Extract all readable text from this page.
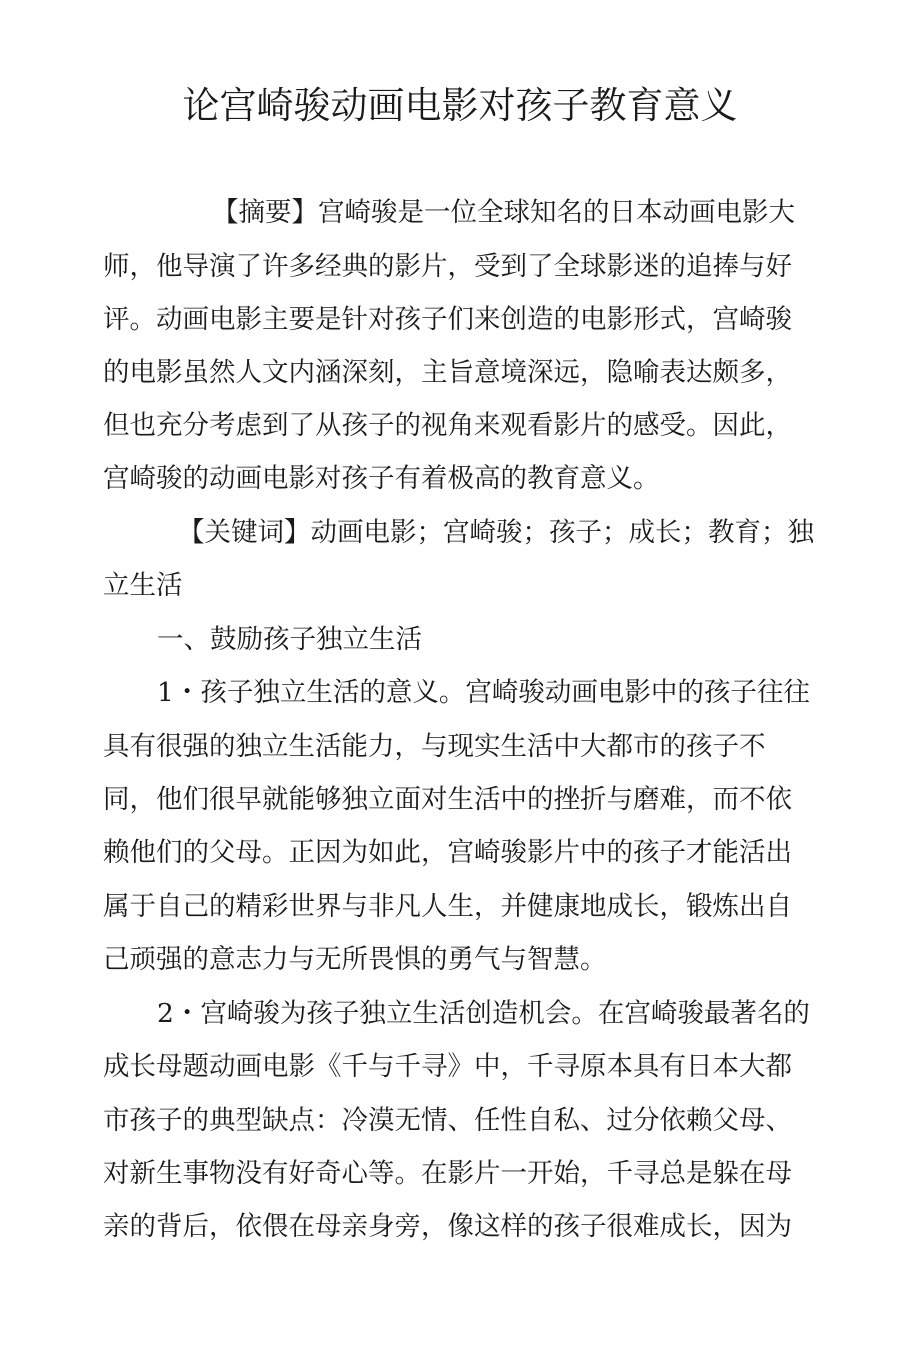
论宫崎骏动画电影对孩子教育意义
【摘要】宫崎骏是一位全球知名的日本动画电影大
师，他导演了许多经典的影片，受到了全球影迷的追捧与好
评。动画电影主要是针对孩子们来创造的电影形式，宫崎骏
的电影虽然人文内涵深刻，主旨意境深远，隐喻表达颇多，
但也充分考虑到了从孩子的视角来观看影片的感受。因此，
宫崎骏的动画电影对孩子有着极高的教育意义。
【关键词】动画电影；宫崎骏；孩子；成长；教育；独
立生活
一、鼓励孩子独立生活
1・孩子独立生活的意义。宫崎骏动画电影中的孩子往往
具有很强的独立生活能力，与现实生活中大都市的孩子不
同，他们很早就能够独立面对生活中的挫折与磨难，而不依
赖他们的父母。正因为如此，宫崎骏影片中的孩子才能活出
属于自己的精彩世界与非凡人生，并健康地成长，锻炼出自
己顽强的意志力与无所畏惧的勇气与智慧。
2・宫崎骏为孩子独立生活创造机会。在宫崎骏最著名的
成长母题动画电影《千与千寻》中，千寻原本具有日本大都
市孩子的典型缺点：冷漠无情、任性自私、过分依赖父母、
对新生事物没有好奇心等。在影片一开始，千寻总是躲在母
亲的背后，依偎在母亲身旁，像这样的孩子很难成长，因为
